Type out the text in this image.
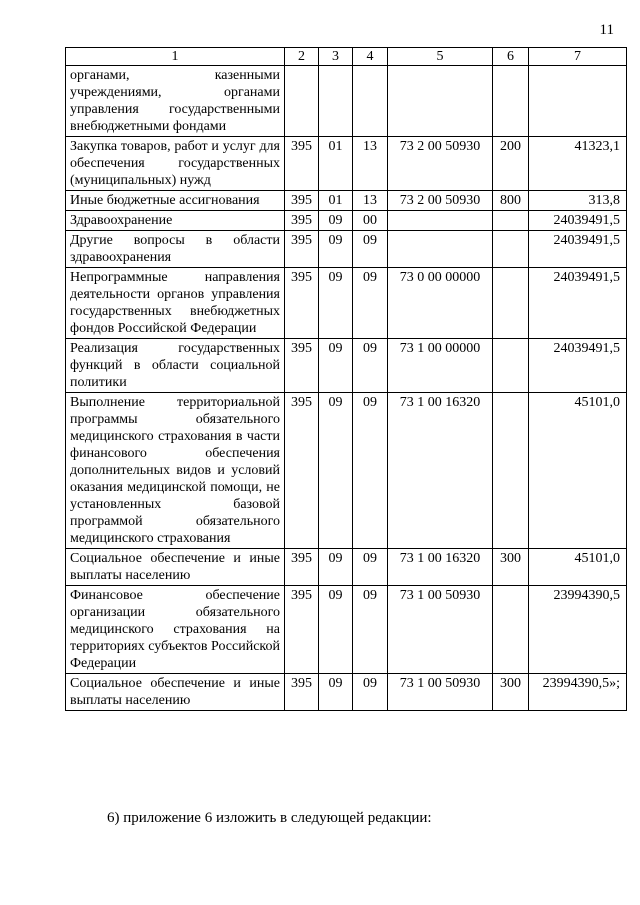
11
1	2	3	4	5	6	7
органами, казенными учреждениями, органами управления государственными внебюджетными фондами						
Закупка товаров, работ и услуг для обеспечения государственных (муниципальных) нужд	395	01	13	73 2 00 50930	200	41323,1
Иные бюджетные ассигнования	395	01	13	73 2 00 50930	800	313,8
Здравоохранение	395	09	00			24039491,5
Другие вопросы в области здравоохранения	395	09	09			24039491,5
Непрограммные направления деятельности органов управления государственных внебюджетных фондов Российской Федерации	395	09	09	73 0 00 00000		24039491,5
Реализация государственных функций в области социальной политики	395	09	09	73 1 00 00000		24039491,5
Выполнение территориальной программы обязательного медицинского страхования в части финансового обеспечения дополнительных видов и условий оказания медицинской помощи, не установленных базовой программой обязательного медицинского страхования	395	09	09	73 1 00 16320		45101,0
Социальное обеспечение и иные выплаты населению	395	09	09	73 1 00 16320	300	45101,0
Финансовое обеспечение организации обязательного медицинского страхования на территориях субъектов Российской Федерации	395	09	09	73 1 00 50930		23994390,5
Социальное обеспечение и иные выплаты населению	395	09	09	73 1 00 50930	300	23994390,5»;
6) приложение 6 изложить в следующей редакции:
